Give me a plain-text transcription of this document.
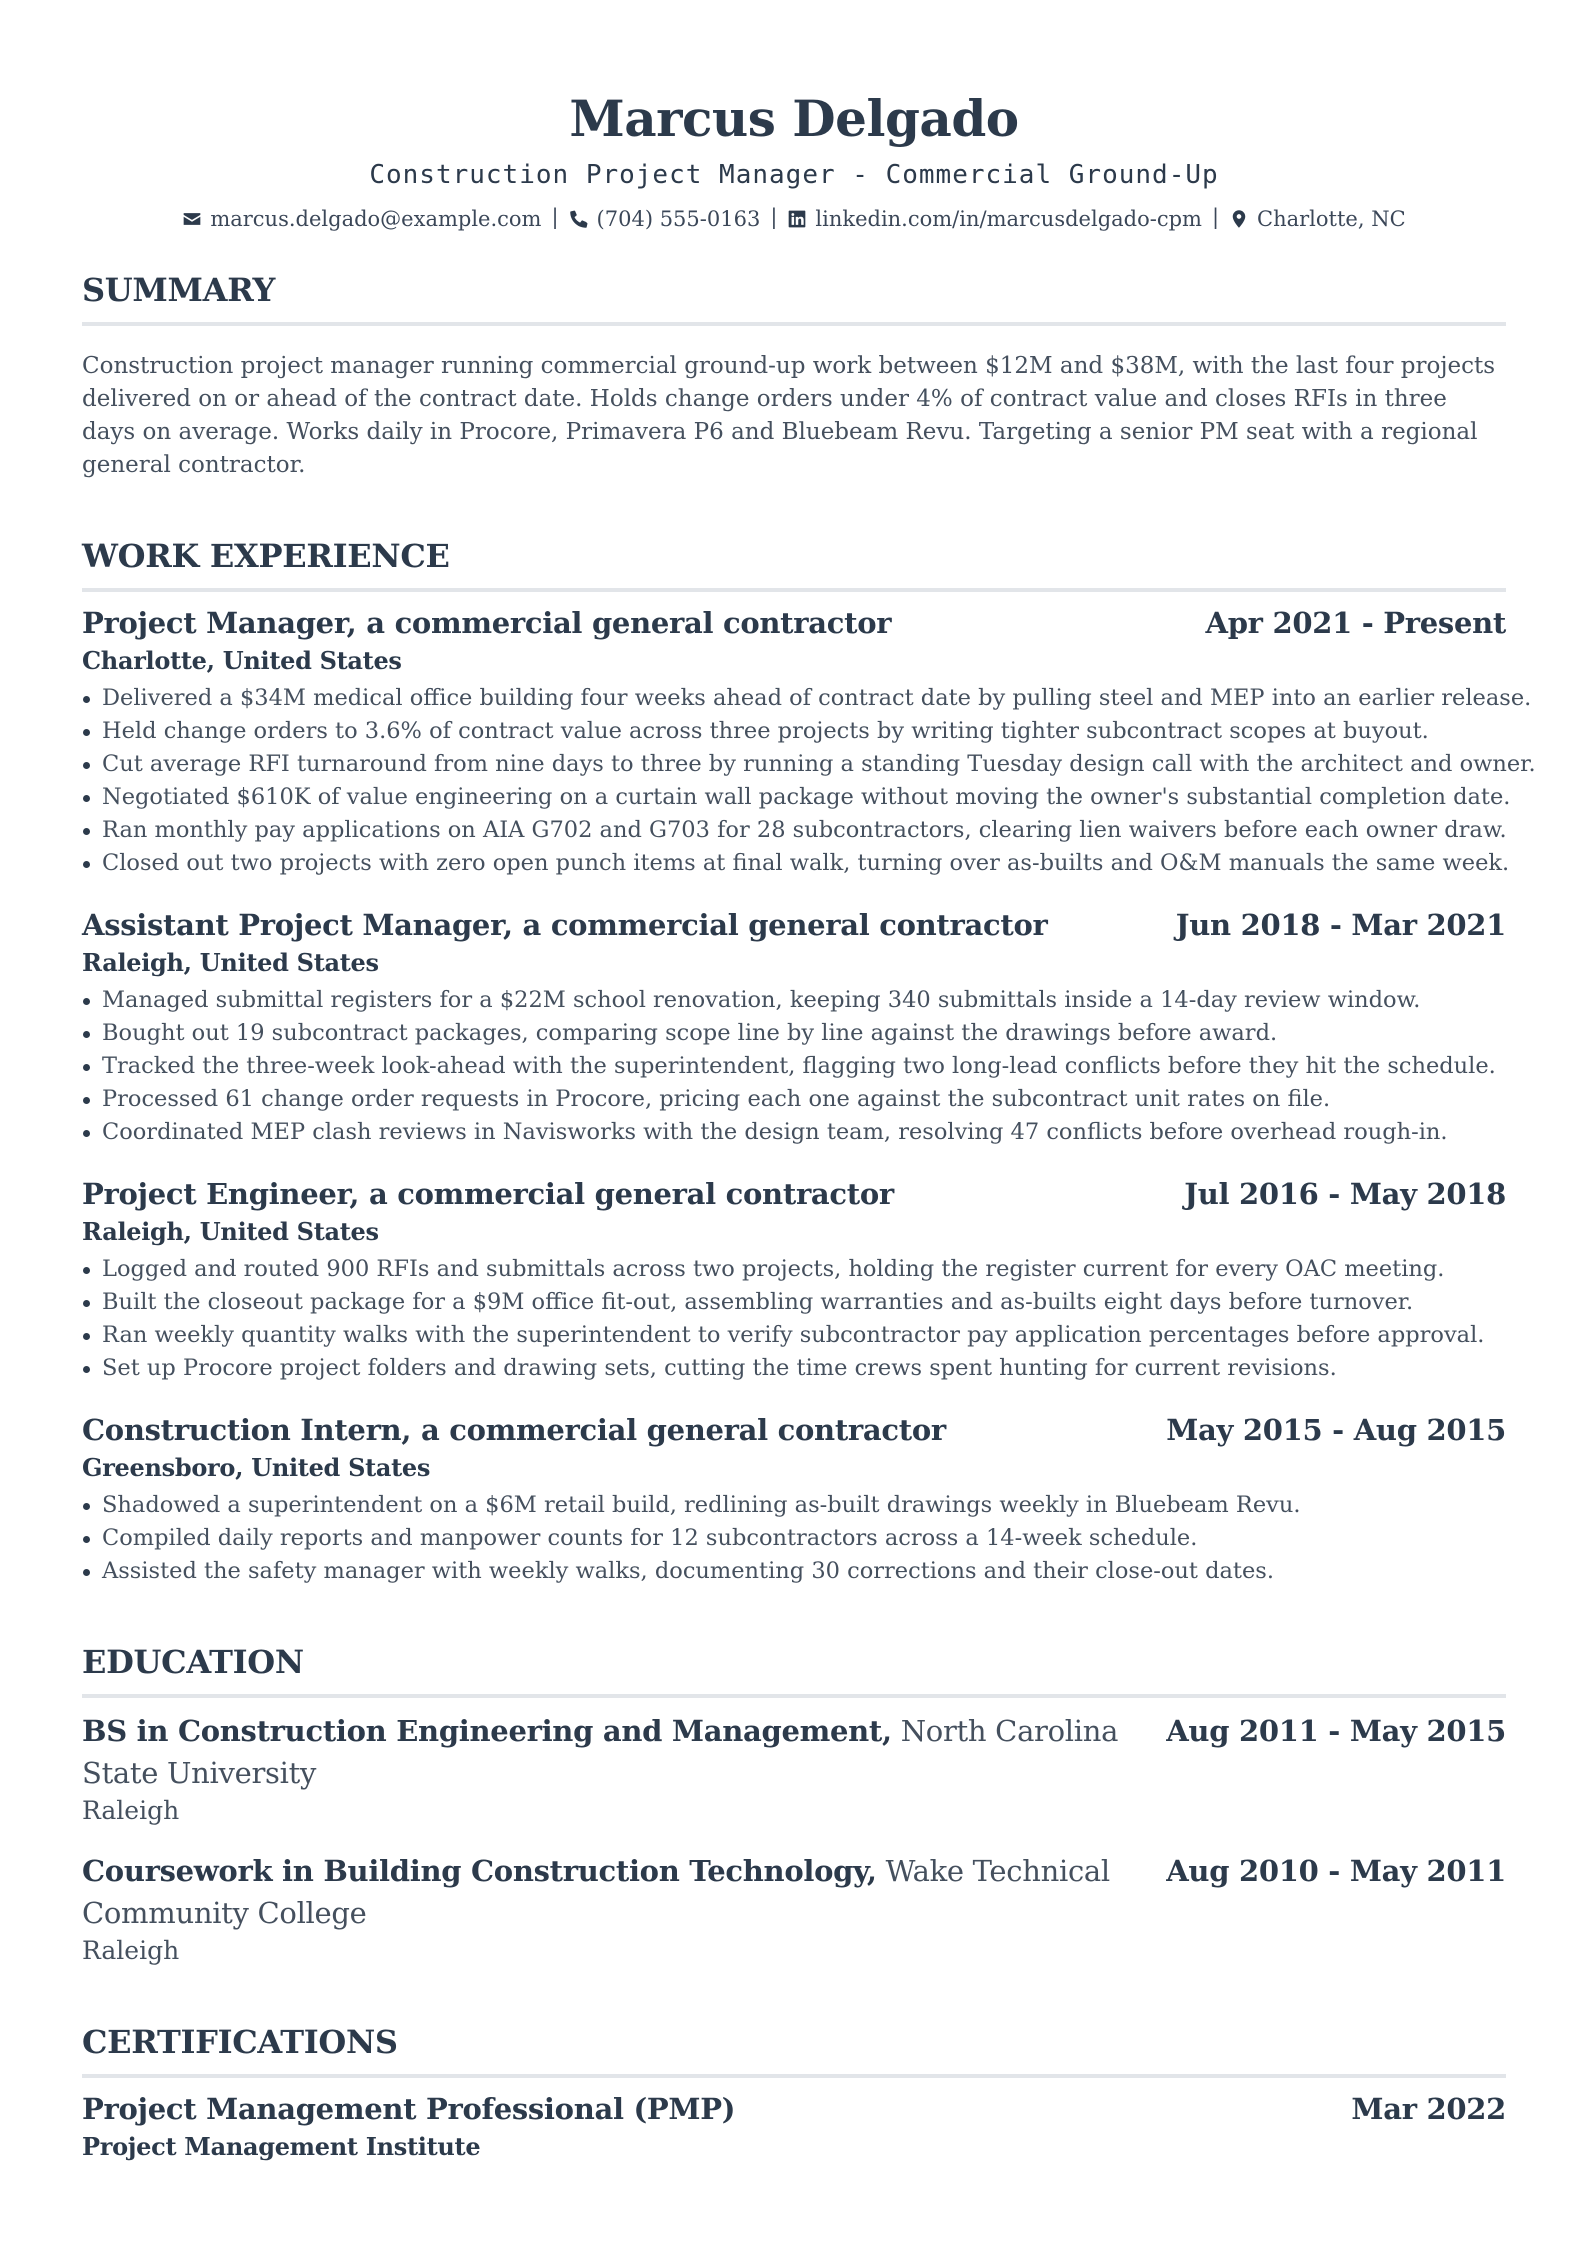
Marcus Delgado
Construction Project Manager - Commercial Ground-Up
marcus.delgado@example.com | (704) 555-0163 | linkedin.com/in/marcusdelgado-cpm | Charlotte, NC
SUMMARY
Construction project manager running commercial ground-up work between $12M and $38M, with the last four projects delivered on or ahead of the contract date. Holds change orders under 4% of contract value and closes RFIs in three days on average. Works daily in Procore, Primavera P6 and Bluebeam Revu. Targeting a senior PM seat with a regional general contractor.
WORK EXPERIENCE
Project Manager, a commercial general contractor	Apr 2021 - Present
Charlotte, United States
Delivered a $34M medical office building four weeks ahead of contract date by pulling steel and MEP into an earlier release.
Held change orders to 3.6% of contract value across three projects by writing tighter subcontract scopes at buyout.
Cut average RFI turnaround from nine days to three by running a standing Tuesday design call with the architect and owner.
Negotiated $610K of value engineering on a curtain wall package without moving the owner's substantial completion date.
Ran monthly pay applications on AIA G702 and G703 for 28 subcontractors, clearing lien waivers before each owner draw.
Closed out two projects with zero open punch items at final walk, turning over as-builts and O&M manuals the same week.
Assistant Project Manager, a commercial general contractor	Jun 2018 - Mar 2021
Raleigh, United States
Managed submittal registers for a $22M school renovation, keeping 340 submittals inside a 14-day review window.
Bought out 19 subcontract packages, comparing scope line by line against the drawings before award.
Tracked the three-week look-ahead with the superintendent, flagging two long-lead conflicts before they hit the schedule.
Processed 61 change order requests in Procore, pricing each one against the subcontract unit rates on file.
Coordinated MEP clash reviews in Navisworks with the design team, resolving 47 conflicts before overhead rough-in.
Project Engineer, a commercial general contractor	Jul 2016 - May 2018
Raleigh, United States
Logged and routed 900 RFIs and submittals across two projects, holding the register current for every OAC meeting.
Built the closeout package for a $9M office fit-out, assembling warranties and as-builts eight days before turnover.
Ran weekly quantity walks with the superintendent to verify subcontractor pay application percentages before approval.
Set up Procore project folders and drawing sets, cutting the time crews spent hunting for current revisions.
Construction Intern, a commercial general contractor	May 2015 - Aug 2015
Greensboro, United States
Shadowed a superintendent on a $6M retail build, redlining as-built drawings weekly in Bluebeam Revu.
Compiled daily reports and manpower counts for 12 subcontractors across a 14-week schedule.
Assisted the safety manager with weekly walks, documenting 30 corrections and their close-out dates.
EDUCATION
BS in Construction Engineering and Management, North Carolina State University
Aug 2011 - May 2015
Raleigh
Coursework in Building Construction Technology, Wake Technical Community College
Aug 2010 - May 2011
Raleigh
CERTIFICATIONS
Project Management Professional (PMP)	Mar 2022
Project Management Institute
